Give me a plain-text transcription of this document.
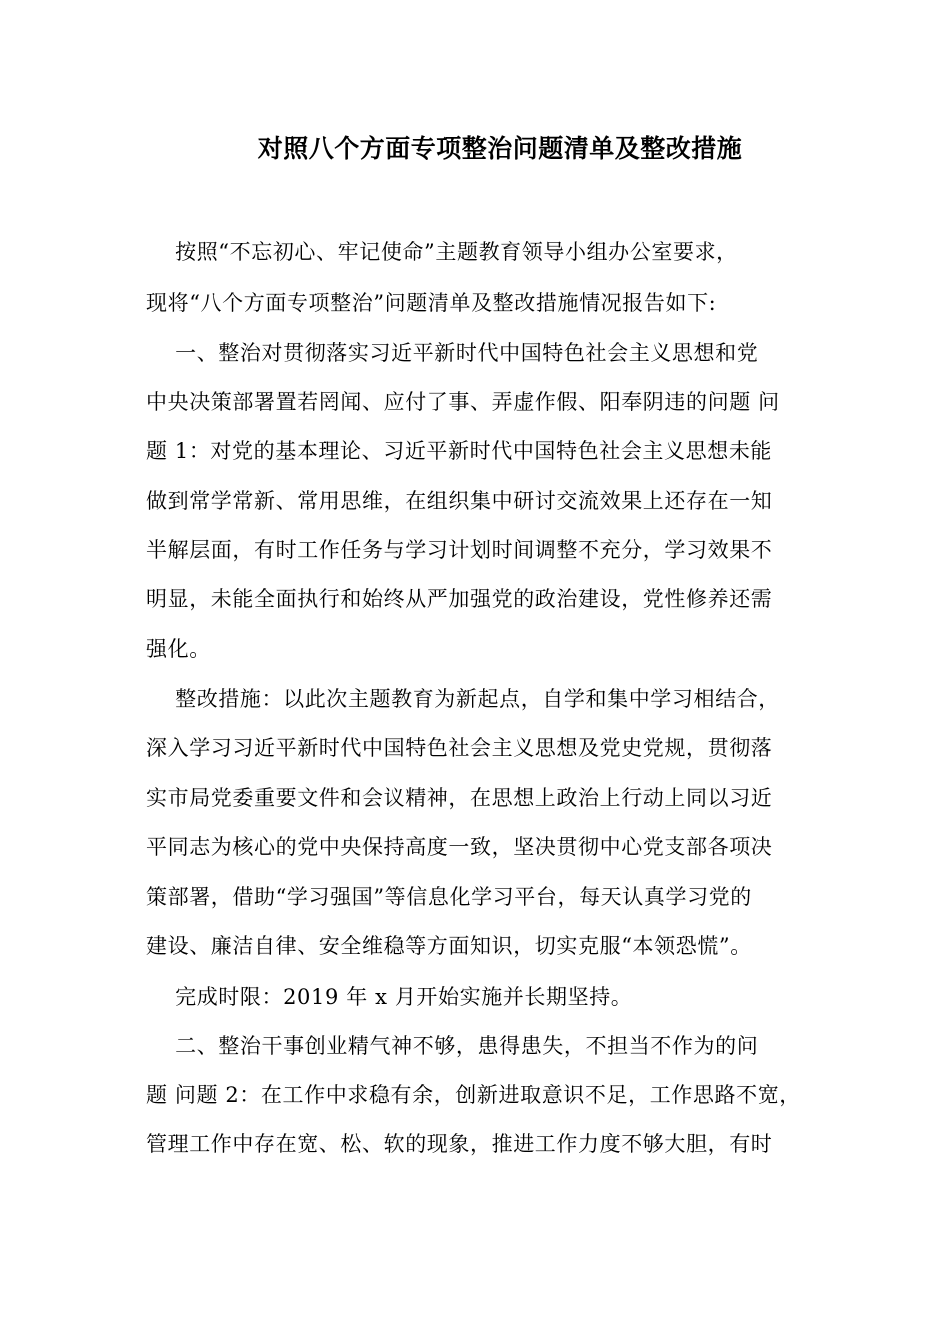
对照八个方面专项整治问题清单及整改措施

按照“不忘初心、牢记使命”主题教育领导小组办公室要求，

现将“八个方面专项整治”问题清单及整改措施情况报告如下:

一、整治对贯彻落实习近平新时代中国特色社会主义思想和党

中央决策部署置若罔闻、应付了事、弄虚作假、阳奉阴违的问题 问

题 1：对党的基本理论、习近平新时代中国特色社会主义思想未能

做到常学常新、常用思维，在组织集中研讨交流效果上还存在一知

半解层面，有时工作任务与学习计划时间调整不充分，学习效果不

明显，未能全面执行和始终从严加强党的政治建设，党性修养还需

强化。

整改措施：以此次主题教育为新起点，自学和集中学习相结合，

深入学习习近平新时代中国特色社会主义思想及党史党规，贯彻落

实市局党委重要文件和会议精神，在思想上政治上行动上同以习近

平同志为核心的党中央保持高度一致，坚决贯彻中心党支部各项决

策部署，借助“学习强国”等信息化学习平台，每天认真学习党的

建设、廉洁自律、安全维稳等方面知识，切实克服“本领恐慌”。

完成时限：2019 年 x 月开始实施并长期坚持。

二、整治干事创业精气神不够，患得患失，不担当不作为的问

题 问题 2：在工作中求稳有余，创新进取意识不足，工作思路不宽，

管理工作中存在宽、松、软的现象，推进工作力度不够大胆，有时
